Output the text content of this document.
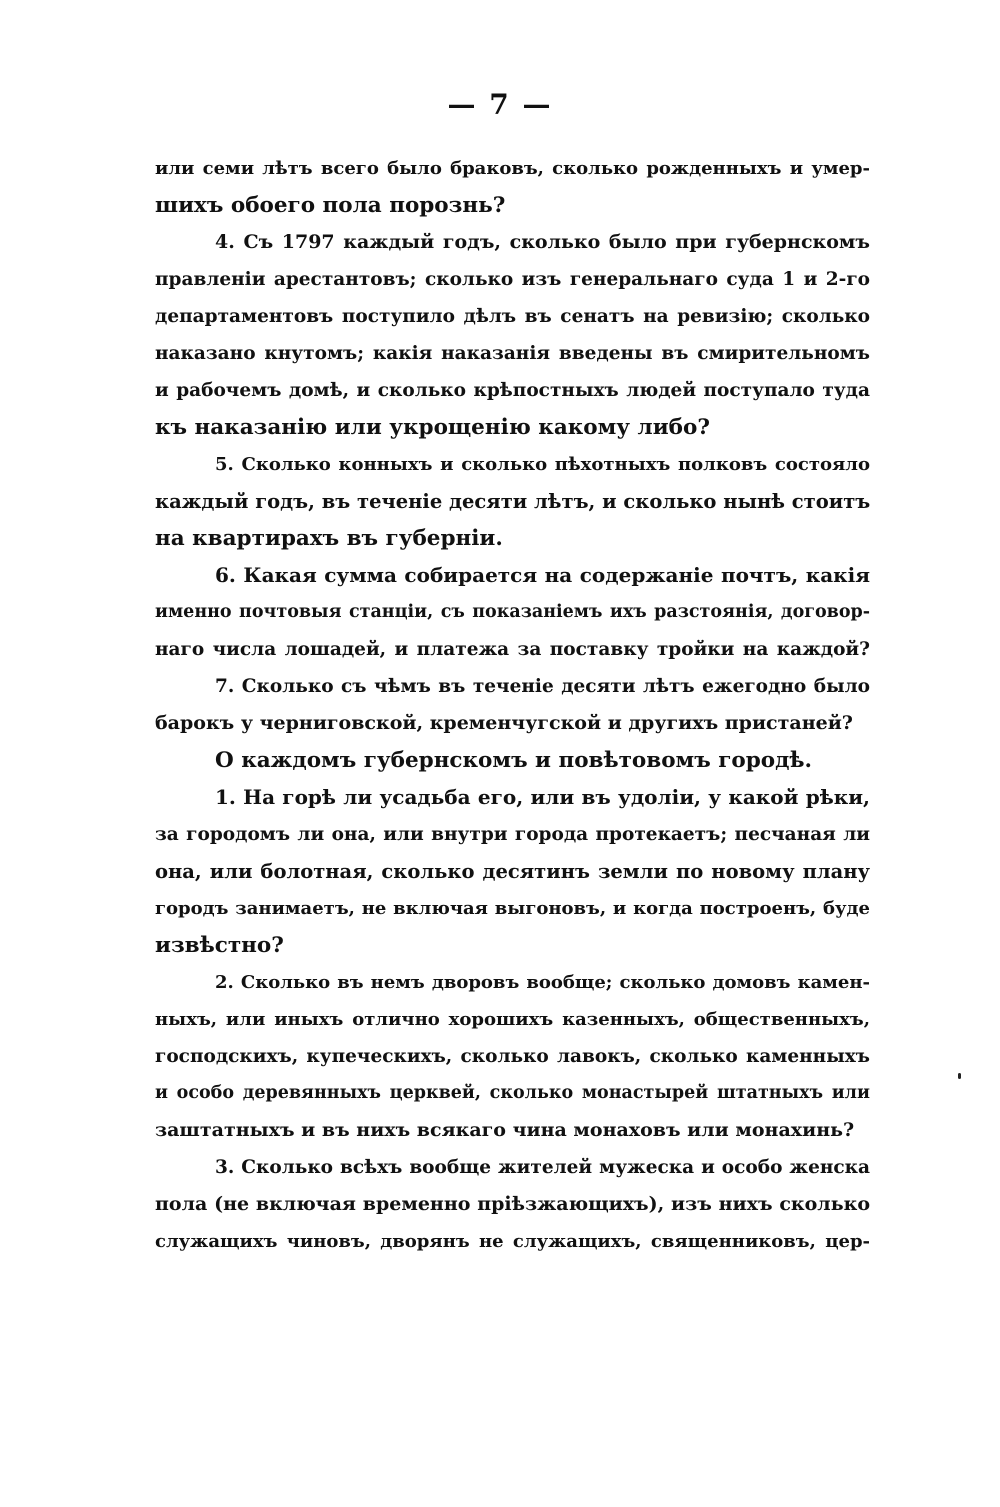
— 7 —
или семи лѣтъ всего было браковъ, сколько рожденныхъ и умер-
шихъ обоего пола порознь?
4. Съ 1797 каждый годъ, сколько было при губернскомъ
правленіи арестантовъ; сколько изъ генеральнаго суда 1 и 2-го
департаментовъ поступило дѣлъ въ сенатъ на ревизію; сколько
наказано кнутомъ; какія наказанія введены въ смирительномъ
и рабочемъ домѣ, и сколько крѣпостныхъ людей поступало туда
къ наказанію или укрощенію какому либо?
5. Сколько конныхъ и сколько пѣхотныхъ полковъ состояло
каждый годъ, въ теченіе десяти лѣтъ, и сколько нынѣ стоитъ
на квартирахъ въ губерніи.
6. Какая сумма собирается на содержаніе почтъ, какія
именно почтовыя станціи, съ показаніемъ ихъ разстоянія, договор-
наго числа лошадей, и платежа за поставку тройки на каждой?
7. Сколько съ чѣмъ въ теченіе десяти лѣтъ ежегодно было
барокъ у черниговской, кременчугской и другихъ пристаней?
О каждомъ губернскомъ и повѣтовомъ городѣ.
1. На горѣ ли усадьба его, или въ удоліи, у какой рѣки,
за городомъ ли она, или внутри города протекаетъ; песчаная ли
она, или болотная, сколько десятинъ земли по новому плану
городъ занимаетъ, не включая выгоновъ, и когда построенъ, буде
извѣстно?
2. Сколько въ немъ дворовъ вообще; сколько домовъ камен-
ныхъ, или иныхъ отлично хорошихъ казенныхъ, общественныхъ,
господскихъ, купеческихъ, сколько лавокъ, сколько каменныхъ
и особо деревянныхъ церквей, сколько монастырей штатныхъ или
заштатныхъ и въ нихъ всякаго чина монаховъ или монахинь?
3. Сколько всѣхъ вообще жителей мужеска и особо женска
пола (не включая временно пріѣзжающихъ), изъ нихъ сколько
служащихъ чиновъ, дворянъ не служащихъ, священниковъ, цер-
